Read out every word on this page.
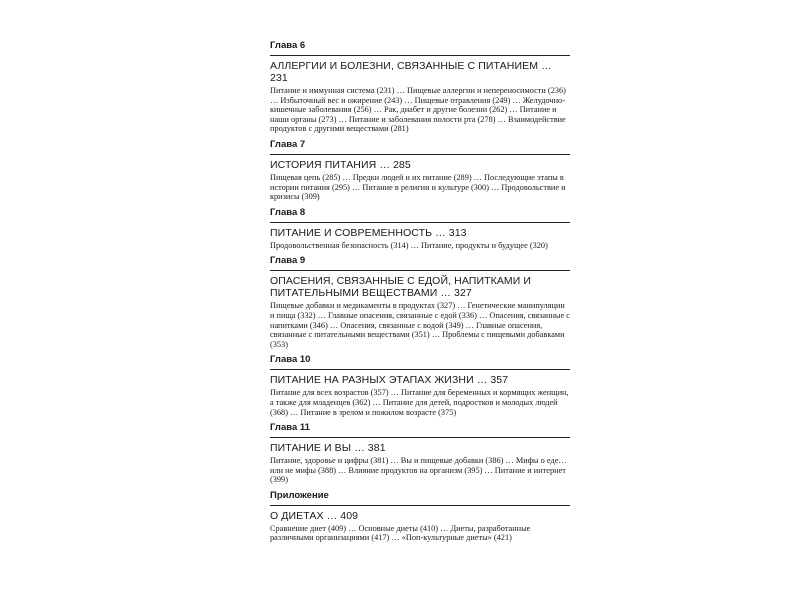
Глава 6
АЛЛЕРГИИ И БОЛЕЗНИ, СВЯЗАННЫЕ С ПИТАНИЕМ … 231
Питание и иммунная система (231) … Пищевые аллергии и непереносимости (236) … Избыточный вес и ожирение (243) … Пищевые отравления (249) … Желудочно-кишечные заболевания (256) … Рак, диабет и другие болезни (262) … Питание и наши органы (273) … Питание и заболевания полости рта (278) … Взаимодействие продуктов с другими веществами (281)
Глава 7
ИСТОРИЯ ПИТАНИЯ … 285
Пищевая цепь (285) … Предки людей и их питание (289) … Последующие этапы в истории питания (295) … Питание в религии и культуре (300) … Продовольствие и кризисы (309)
Глава 8
ПИТАНИЕ И СОВРЕМЕННОСТЬ … 313
Продовольственная безопасность (314) … Питание, продукты и будущее (320)
Глава 9
ОПАСЕНИЯ, СВЯЗАННЫЕ С ЕДОЙ, НАПИТКАМИ И ПИТАТЕЛЬНЫМИ ВЕЩЕСТВАМИ … 327
Пищевые добавки и медикаменты в продуктах (327) … Генетические манипуляции и пища (332) … Главные опасения, связанные с едой (336) … Опасения, связанные с напитками (346) … Опасения, связанные с водой (349) … Главные опасения, связанные с питательными веществами (351) … Проблемы с пищевыми добавками (353)
Глава 10
ПИТАНИЕ НА РАЗНЫХ ЭТАПАХ ЖИЗНИ … 357
Питание для всех возрастов (357) … Питание для беременных и кормящих женщин, а также для младенцев (362) … Питание для детей, подростков и молодых людей (368) … Питание в зрелом и пожилом возрасте (375)
Глава 11
ПИТАНИЕ И ВЫ … 381
Питание, здоровье и цифры (381) … Вы и пищевые добавки (386) … Мифы о еде… или не мифы (388) … Влияние продуктов на организм (395) … Питание и интернет (399)
Приложение
О ДИЕТАХ … 409
Сравнение диет (409) … Основные диеты (410) … Диеты, разработанные различными организациями (417) … «Поп-культурные диеты» (421)
